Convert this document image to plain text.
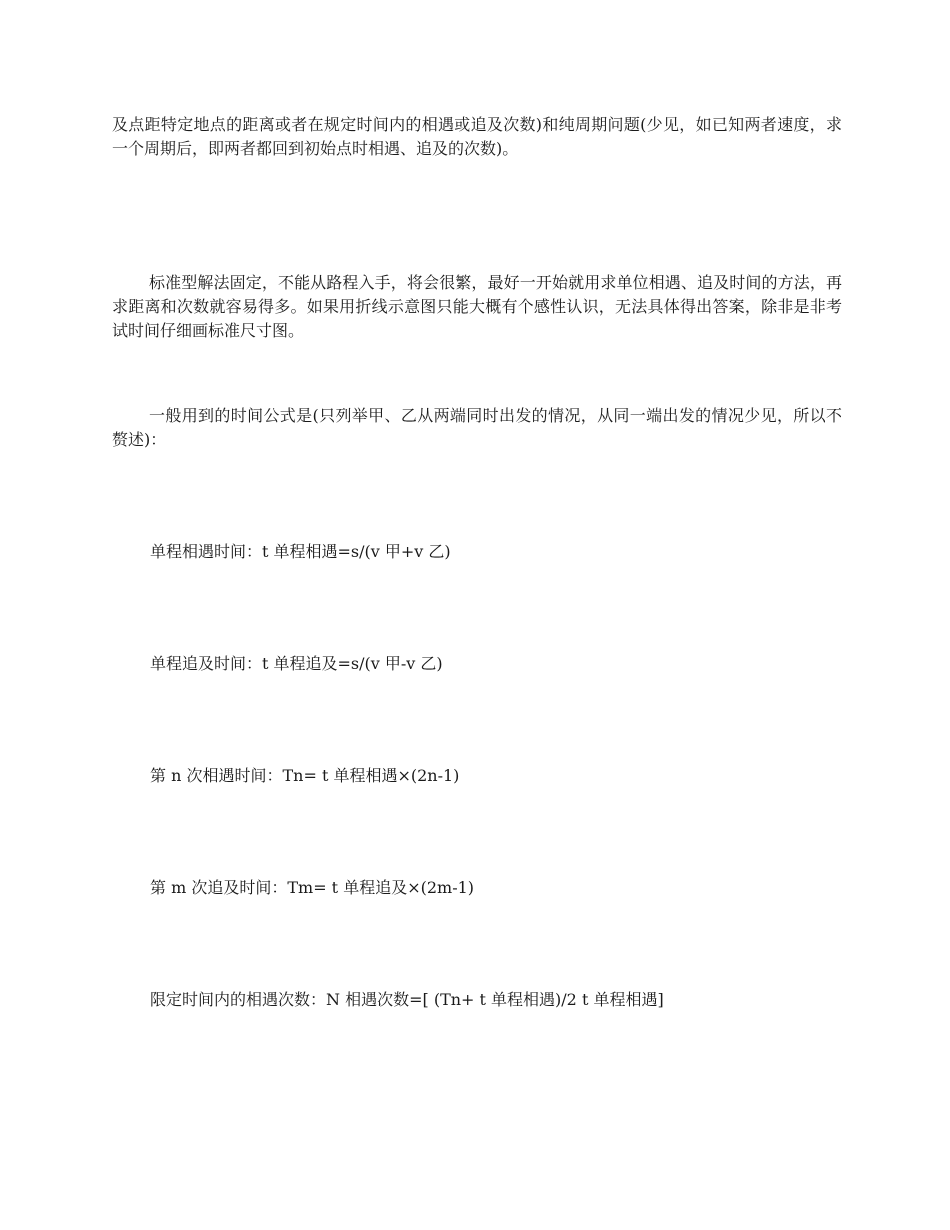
及点距特定地点的距离或者在规定时间内的相遇或追及次数)和纯周期问题(少见，如已知两者速度，求一个周期后，即两者都回到初始点时相遇、追及的次数)。

标准型解法固定，不能从路程入手，将会很繁，最好一开始就用求单位相遇、追及时间的方法，再求距离和次数就容易得多。如果用折线示意图只能大概有个感性认识，无法具体得出答案，除非是非考试时间仔细画标准尺寸图。

一般用到的时间公式是(只列举甲、乙从两端同时出发的情况，从同一端出发的情况少见，所以不赘述)：

单程相遇时间：t 单程相遇=s/(v 甲+v 乙)

单程追及时间：t 单程追及=s/(v 甲-v 乙)

第 n 次相遇时间：Tn= t 单程相遇×(2n-1)

第 m 次追及时间：Tm= t 单程追及×(2m-1)

限定时间内的相遇次数：N 相遇次数=[ (Tn+ t 单程相遇)/2 t 单程相遇]
